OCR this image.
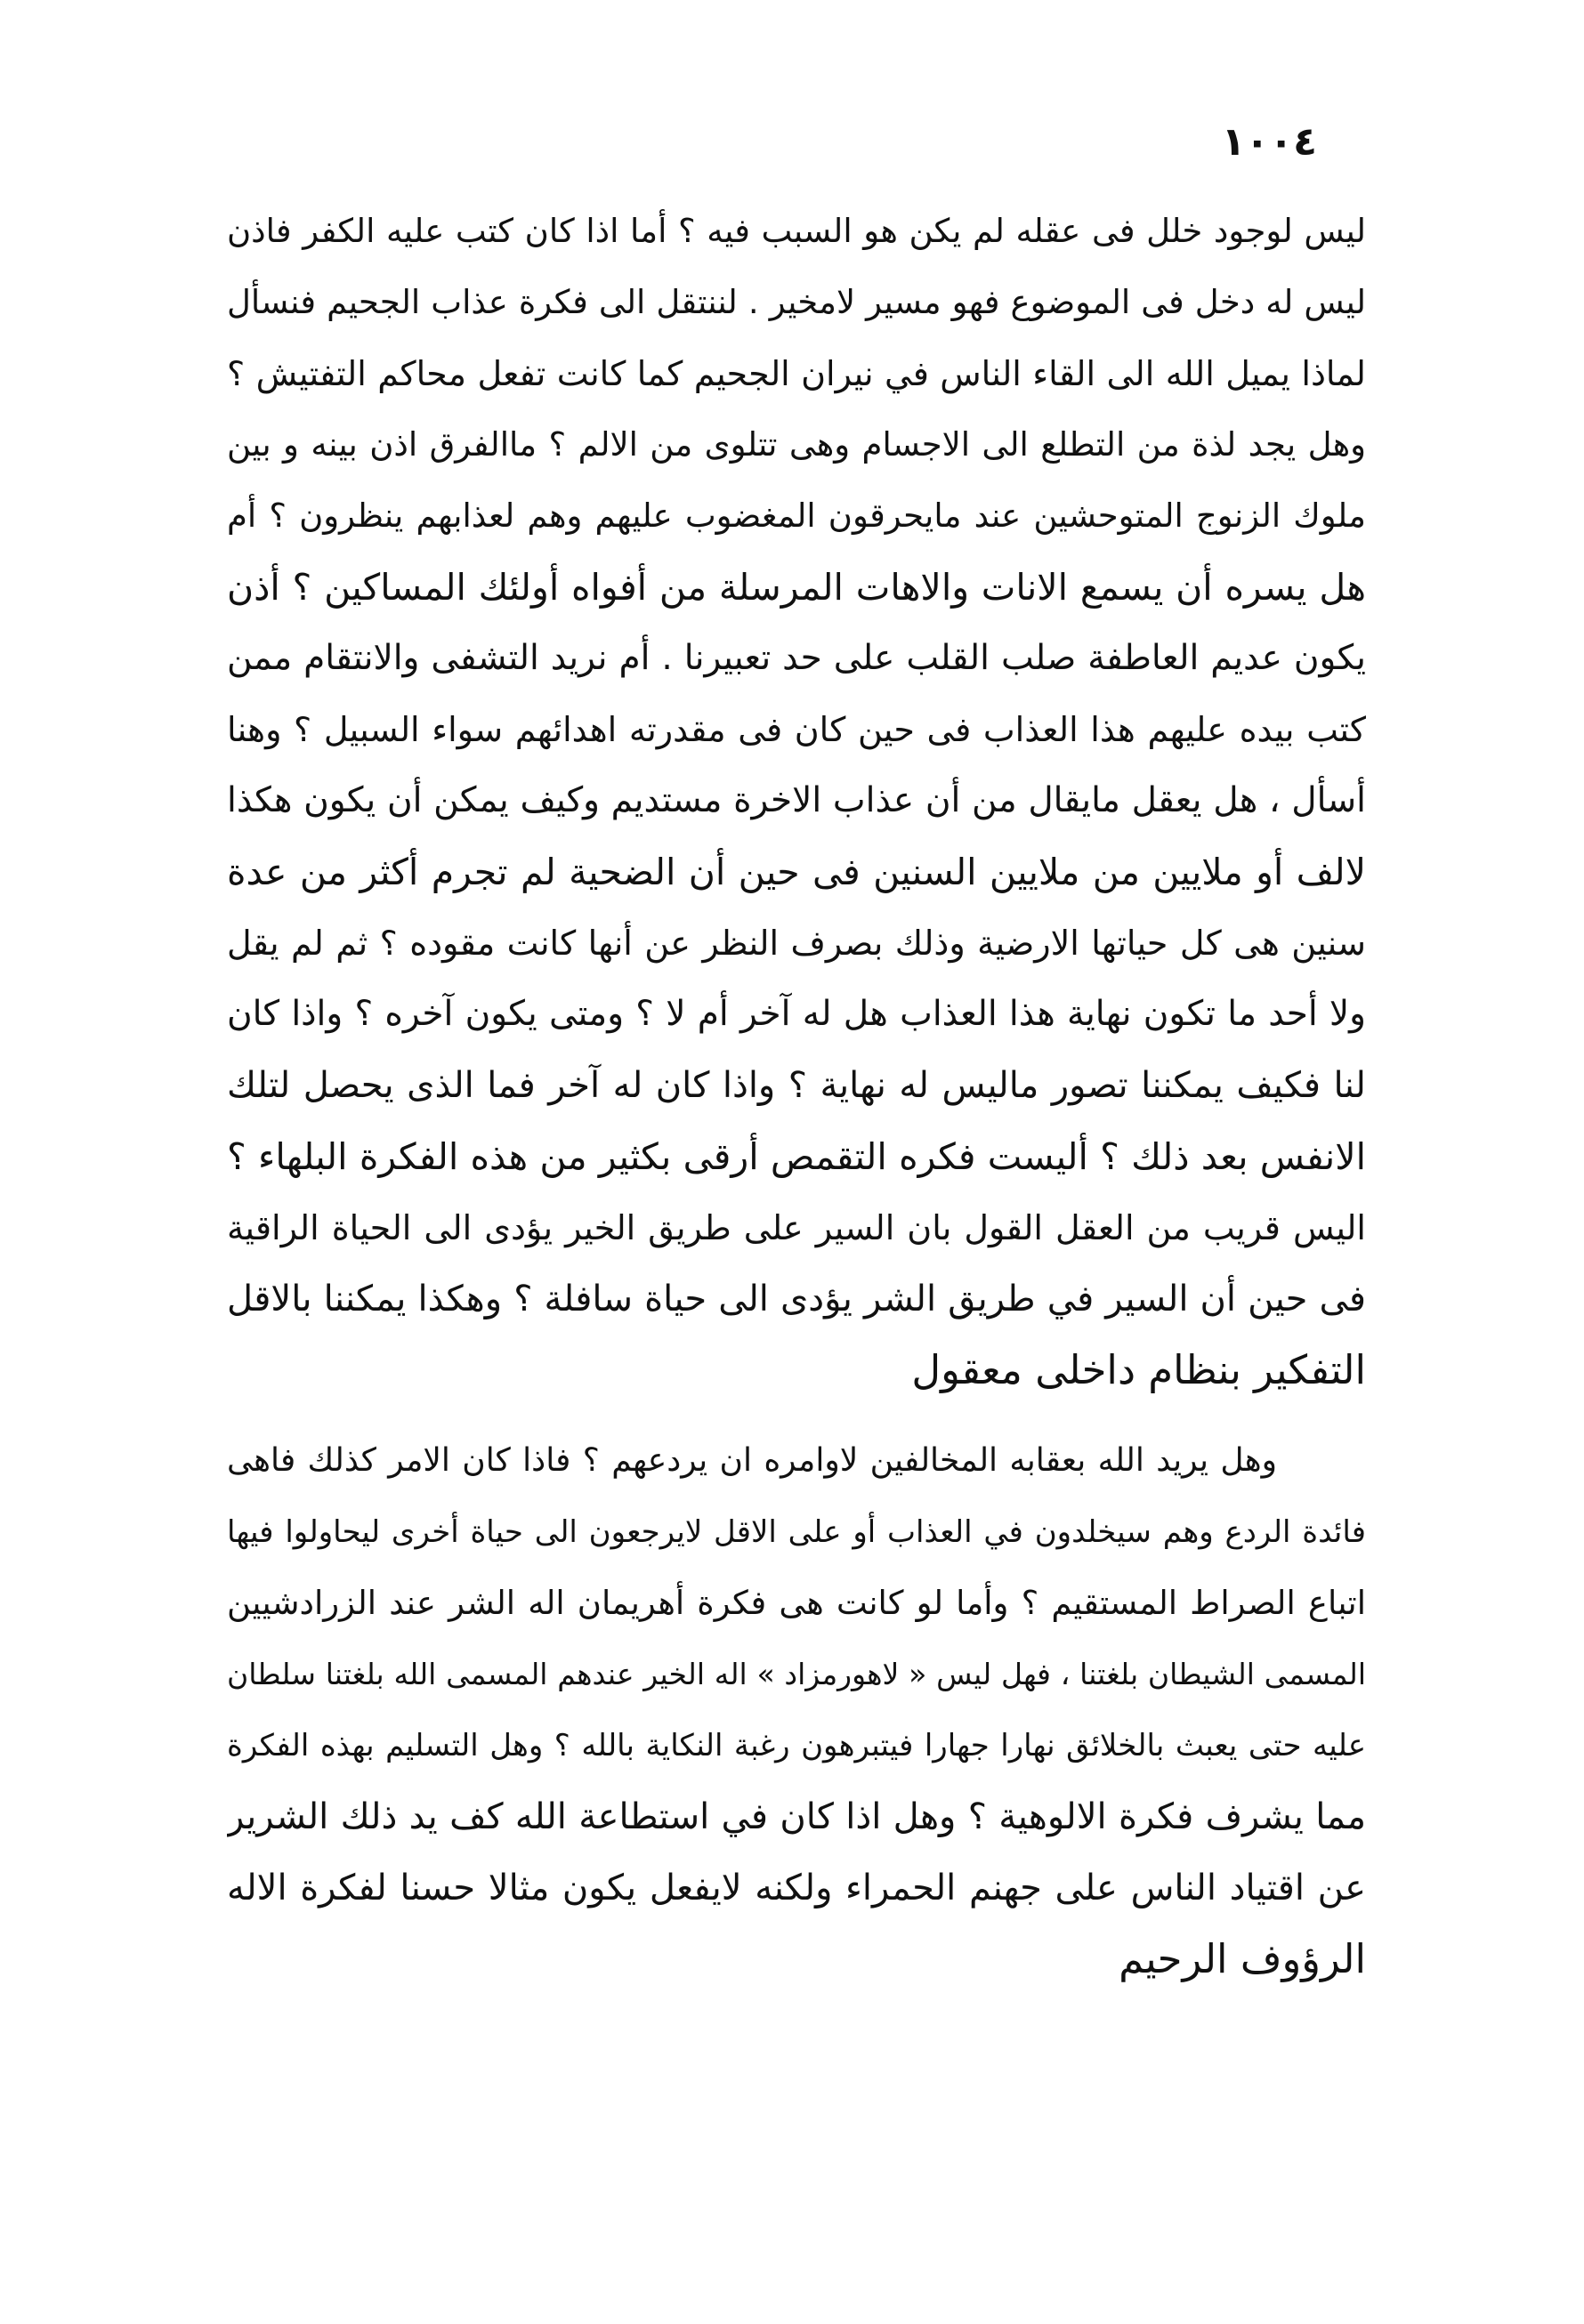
١٠٠٤
ليس لوجود خلل فى عقله لم يكن هو السبب فيه ؟ أما اذا كان كتب عليه الكفر فاذن
ليس له دخل فى الموضوع فهو مسير لامخير . لننتقل الى فكرة عذاب الجحيم فنسأل
لماذا يميل الله الى القاء الناس في نيران الجحيم كما كانت تفعل محاكم التفتيش ؟
وهل يجد لذة من التطلع الى الاجسام وهى تتلوى من الالم ؟ ماالفرق اذن بينه و بين
ملوك الزنوج المتوحشين عند مايحرقون المغضوب عليهم وهم لعذابهم ينظرون ؟ أم
هل يسره أن يسمع الانات والاهات المرسلة من أفواه أولئك المساكين ؟ أذن
يكون عديم العاطفة صلب القلب على حد تعبيرنا . أم نريد التشفى والانتقام ممن
كتب بيده عليهم هذا العذاب فى حين كان فى مقدرته اهدائهم سواء السبيل ؟ وهنا
أسأل ، هل يعقل مايقال من أن عذاب الاخرة مستديم وكيف يمكن أن يكون هكذا
لالف أو ملايين من ملايين السنين فى حين أن الضحية لم تجرم أكثر من عدة
سنين هى كل حياتها الارضية وذلك بصرف النظر عن أنها كانت مقوده ؟ ثم لم يقل
ولا أحد ما تكون نهاية هذا العذاب هل له آخر أم لا ؟ ومتى يكون آخره ؟ واذا كان
لنا فكيف يمكننا تصور ماليس له نهاية ؟ واذا كان له آخر فما الذى يحصل لتلك
الانفس بعد ذلك ؟ أليست فكره التقمص أرقى بكثير من هذه الفكرة البلهاء ؟
اليس قريب من العقل القول بان السير على طريق الخير يؤدى الى الحياة الراقية
فى حين أن السير في طريق الشر يؤدى الى حياة سافلة ؟ وهكذا يمكننا بالاقل
التفكير بنظام داخلى معقول
وهل يريد الله بعقابه المخالفين لاوامره ان يردعهم ؟ فاذا كان الامر كذلك فاهى
فائدة الردع وهم سيخلدون في العذاب أو على الاقل لايرجعون الى حياة أخرى ليحاولوا فيها
اتباع الصراط المستقيم ؟ وأما لو كانت هى فكرة أهريمان اله الشر عند الزرادشيين
المسمى الشيطان بلغتنا ، فهل ليس « لاهورمزاد » اله الخير عندهم المسمى الله بلغتنا سلطان
عليه حتى يعبث بالخلائق نهارا جهارا فيتبرهون رغبة النكاية بالله ؟ وهل التسليم بهذه الفكرة
مما يشرف فكرة الالوهية ؟ وهل اذا كان في استطاعة الله كف يد ذلك الشرير
عن اقتياد الناس على جهنم الحمراء ولكنه لايفعل يكون مثالا حسنا لفكرة الاله
الرؤوف الرحيم
